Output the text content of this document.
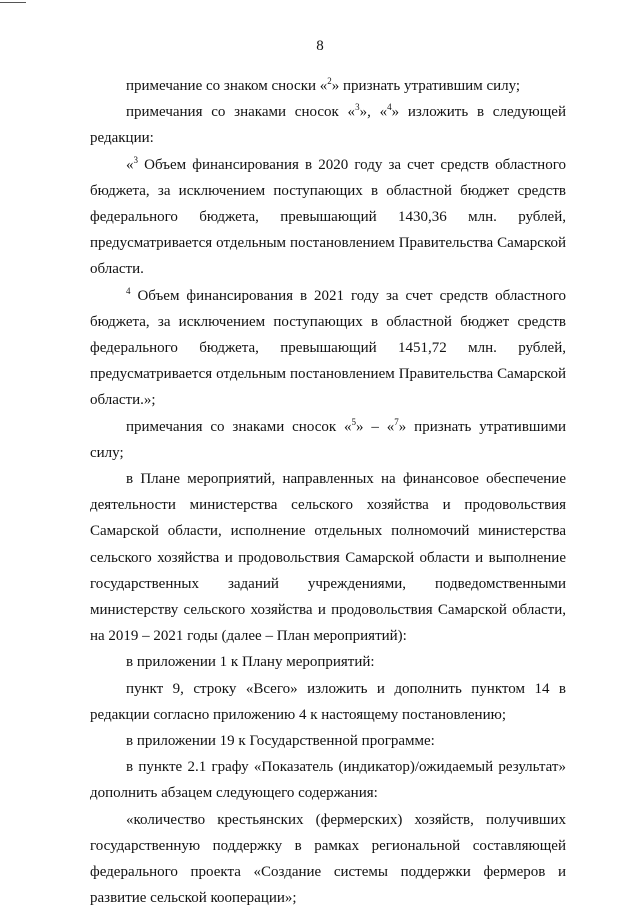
8

примечание со знаком сноски «$^2$» признать утратившим силу;

примечания со знаками сносок «$^3$», «$^4$» изложить в следующей редакции:

«$^3$ Объем финансирования в 2020 году за счет средств областного бюджета, за исключением поступающих в областной бюджет средств федерального бюджета, превышающий 1430,36 млн. рублей, предусматривается отдельным постановлением Правительства Самарской области.

$^4$ Объем финансирования в 2021 году за счет средств областного бюджета, за исключением поступающих в областной бюджет средств федерального бюджета, превышающий 1451,72 млн. рублей, предусматривается отдельным постановлением Правительства Самарской области.»;

примечания со знаками сносок «$^5$» – «$^7$» признать утратившими силу;

в Плане мероприятий, направленных на финансовое обеспечение деятельности министерства сельского хозяйства и продовольствия Самарской области, исполнение отдельных полномочий министерства сельского хозяйства и продовольствия Самарской области и выполнение государственных заданий учреждениями, подведомственными министерству сельского хозяйства и продовольствия Самарской области, на 2019 – 2021 годы (далее – План мероприятий):

в приложении 1 к Плану мероприятий:

пункт 9, строку «Всего» изложить и дополнить пунктом 14 в редакции согласно приложению 4 к настоящему постановлению;

в приложении 19 к Государственной программе:

в пункте 2.1 графу «Показатель (индикатор)/ожидаемый результат» дополнить абзацем следующего содержания:

«количество крестьянских (фермерских) хозяйств, получивших государственную поддержку в рамках региональной составляющей федерального проекта «Создание системы поддержки фермеров и развитие сельской кооперации»;
